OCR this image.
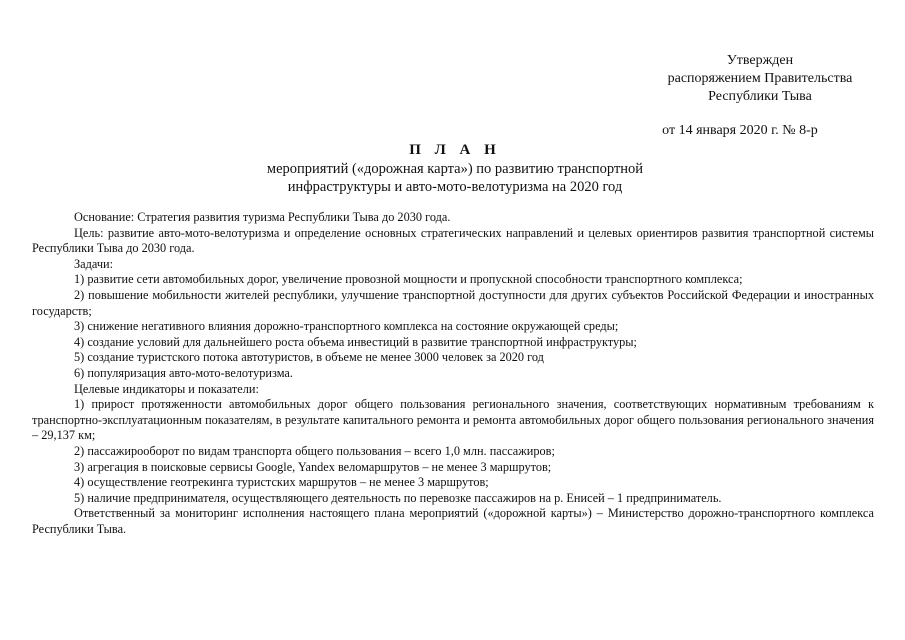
Утвержден
распоряжением Правительства
Республики Тыва
от 14 января 2020 г. № 8-р
П Л А Н
мероприятий («дорожная карта») по развитию транспортной
инфраструктуры и авто-мото-велотуризма на 2020 год

Основание: Стратегия развития туризма Республики Тыва до 2030 года.

Цель: развитие авто-мото-велотуризма и определение основных стратегических направлений и целевых ориентиров развития транспортной системы Республики Тыва до 2030 года.

Задачи:

1) развитие сети автомобильных дорог, увеличение провозной мощности и пропускной способности транспортного комплекса;

2) повышение мобильности жителей республики, улучшение транспортной доступности для других субъектов Российской Федерации и иностранных государств;

3) снижение негативного влияния дорожно-транспортного комплекса на состояние окружающей среды;

4) создание условий для дальнейшего роста объема инвестиций в развитие транспортной инфраструктуры;

5) создание туристского потока автотуристов, в объеме не менее 3000 человек за 2020 год

6) популяризация авто-мото-велотуризма.

Целевые индикаторы и показатели:

1) прирост протяженности автомобильных дорог общего пользования регионального значения, соответствующих нормативным требованиям к транспортно-эксплуатационным показателям, в результате капитального ремонта и ремонта автомобильных дорог общего пользования регионального значения – 29,137 км;

2) пассажирооборот по видам транспорта общего пользования – всего 1,0 млн. пассажиров;

3) агрегация в поисковые сервисы Google, Yandex веломаршрутов – не менее 3 маршрутов;

4) осуществление геотрекинга туристских маршрутов – не менее 3 маршрутов;

5) наличие предпринимателя, осуществляющего деятельность по перевозке пассажиров на р. Енисей – 1 предприниматель.

Ответственный за мониторинг исполнения настоящего плана мероприятий («дорожной карты») – Министерство дорожно-транспортного комплекса Республики Тыва.
